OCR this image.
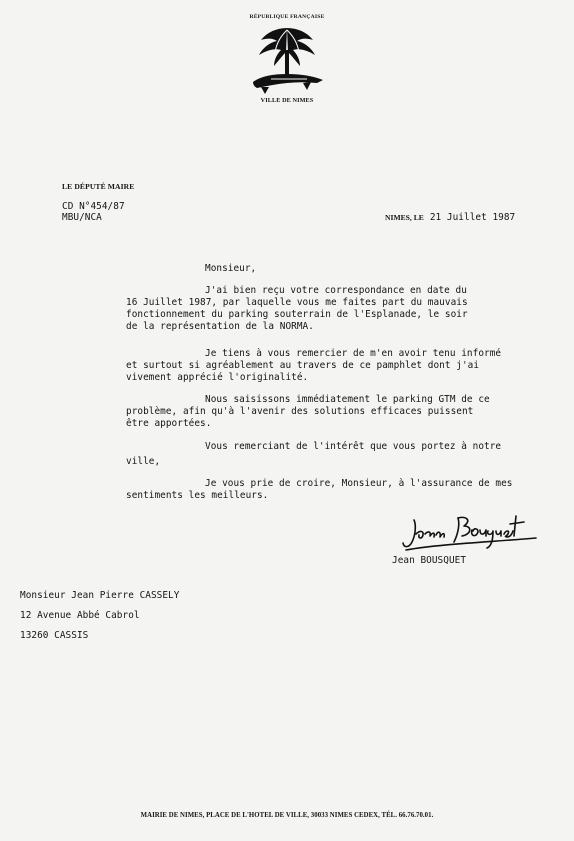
RÉPUBLIQUE FRANÇAISE
VILLE DE NIMES
LE DÉPUTÉ MAIRE
CD N°454/87
MBU/NCA	NIMES, LE 21 Juillet 1987
Monsieur,
J'ai bien reçu votre correspondance en date du
16 Juillet 1987, par laquelle vous me faites part du mauvais
fonctionnement du parking souterrain de l'Esplanade, le soir
de la représentation de la NORMA.
Je tiens à vous remercier de m'en avoir tenu informé
et surtout si agréablement au travers de ce pamphlet dont j'ai
vivement apprécié l'originalité.
Nous saisissons immédiatement le parking GTM de ce
problème, afin qu'à l'avenir des solutions efficaces puissent
être apportées.
Vous remerciant de l'intérêt que vous portez à notre
ville,
Je vous prie de croire, Monsieur, à l'assurance de mes
sentiments les meilleurs.
Jean BOUSQUET
Monsieur Jean Pierre CASSELY
12 Avenue Abbé Cabrol
13260 CASSIS
MAIRIE DE NIMES, PLACE DE L'HOTEL DE VILLE, 30033 NIMES CEDEX, TÉL. 66.76.70.01.
